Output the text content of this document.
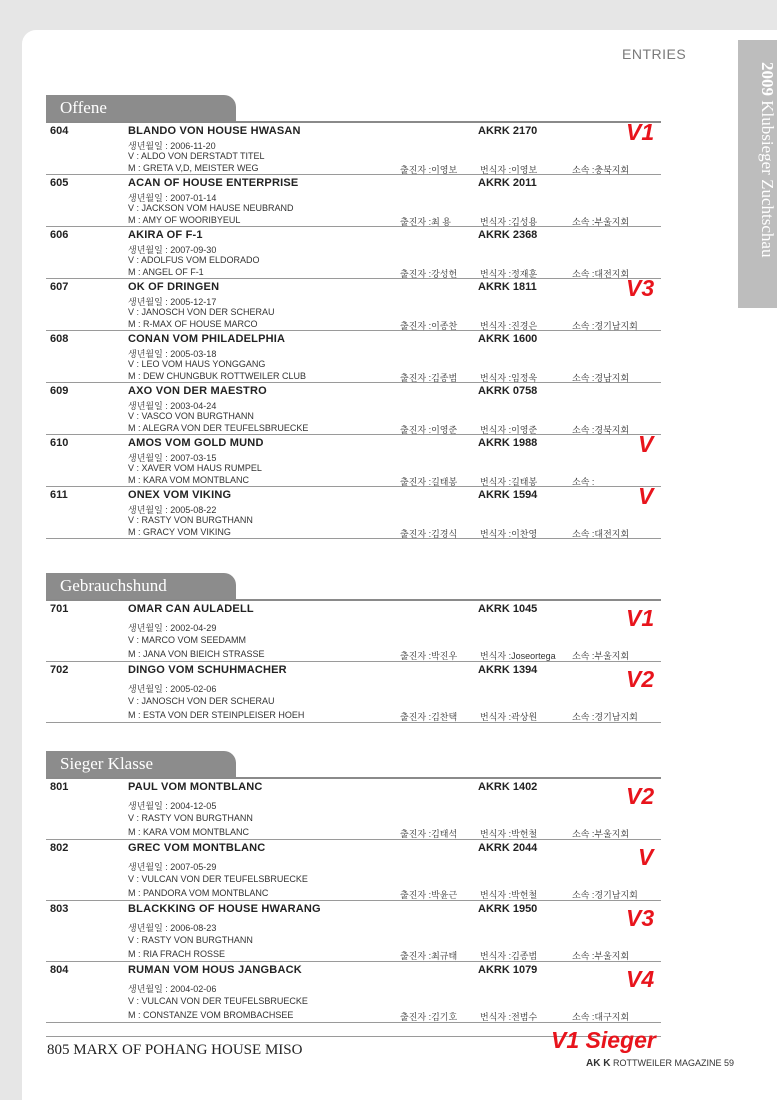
ENTRIES
2009 Klubsieger Zuchtschau
Offene
604	BLANDO VON HOUSE HWASAN	AKRK 2170
생년월일 : 2006-11-20
V : ALDO VON DERSTADT TITEL
M : GRETA V,D, MEISTER WEG	출진자 :이영보	번식자 :이영보	소속 :충북지회
V1
605	ACAN OF HOUSE ENTERPRISE	AKRK 2011
생년월일 : 2007-01-14
V : JACKSON VOM HAUSE NEUBRAND
M : AMY OF WOORIBYEUL	출진자 :최 용	번식자 :김성용	소속 :부울지회
606	AKIRA OF F-1	AKRK 2368
생년월일 : 2007-09-30
V : ADOLFUS VOM ELDORADO
M : ANGEL OF F-1	출진자 :강성헌	번식자 :정재훈	소속 :대전지회
607	OK OF DRINGEN	AKRK 1811
생년월일 : 2005-12-17
V : JANOSCH VON DER SCHERAU
M : R-MAX OF HOUSE MARCO	출진자 :이종찬	번식자 :진경은	소속 :경기남지회
V3
608	CONAN VOM PHILADELPHIA	AKRK 1600
생년월일 : 2005-03-18
V : LEO VOM HAUS YONGGANG
M : DEW CHUNGBUK ROTTWEILER CLUB	출진자 :김종범	번식자 :임정욱	소속 :경남지회
609	AXO VON DER MAESTRO	AKRK 0758
생년월일 : 2003-04-24
V : VASCO VON BURGTHANN
M : ALEGRA VON DER TEUFELSBRUECKE	출진자 :이영준	번식자 :이영준	소속 :경북지회
610	AMOS VOM GOLD MUND	AKRK 1988
생년월일 : 2007-03-15
V : XAVER VOM HAUS RUMPEL
M : KARA VOM MONTBLANC	출진자 :길태봉	번식자 :길태봉	소속 :
V
611	ONEX VOM VIKING	AKRK 1594
생년월일 : 2005-08-22
V : RASTY VON BURGTHANN
M : GRACY VOM VIKING	출진자 :김경식	번식자 :이찬영	소속 :대전지회
V
Gebrauchshund
701	OMAR CAN AULADELL	AKRK 1045
생년월일 : 2002-04-29
V : MARCO VOM SEEDAMM
M : JANA VON BIEICH STRASSE	출진자 :박진우	번식자 :Joseortega 소속 :부울지회
V1
702	DINGO VOM SCHUHMACHER	AKRK 1394
생년월일 : 2005-02-06
V : JANOSCH VON DER SCHERAU
M : ESTA VON DER STEINPLEISER HOEH	출진자 :김찬택	번식자 :곽상원	소속 :경기남지회
V2
Sieger Klasse
801	PAUL VOM MONTBLANC	AKRK 1402
생년월일 : 2004-12-05
V : RASTY VON BURGTHANN
M : KARA VOM MONTBLANC	출진자 :김태석	번식자 :박헌철	소속 :부울지회
V2
802	GREC VOM MONTBLANC	AKRK 2044
생년월일 : 2007-05-29
V : VULCAN VON DER TEUFELSBRUECKE
M : PANDORA VOM MONTBLANC	출진자 :박윤근	번식자 :박헌철	소속 :경기남지회
V
803	BLACKKING OF HOUSE HWARANG	AKRK 1950
생년월일 : 2006-08-23
V : RASTY VON BURGTHANN
M : RIA FRACH ROSSE	출진자 :최규태	번식자 :김종범	소속 :부울지회
V3
804	RUMAN VOM HOUS JANGBACK	AKRK 1079
생년월일 : 2004-02-06
V : VULCAN VON DER TEUFELSBRUECKE
M : CONSTANZE VOM BROMBACHSEE	출진자 :김기호	번식자 :전범수	소속 :대구지회
V4
805 MARX OF POHANG HOUSE MISO	V1 Sieger
AK K ROTTWEILER MAGAZINE 59
